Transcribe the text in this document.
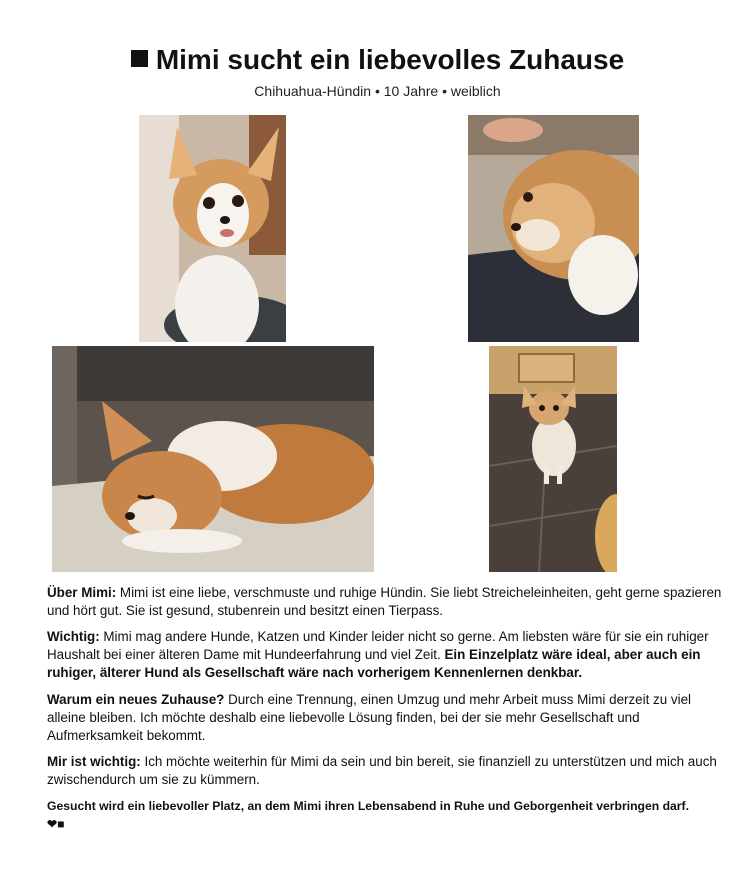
Mimi sucht ein liebevolles Zuhause
Chihuahua-Hündin • 10 Jahre • weiblich
Über Mimi: Mimi ist eine liebe, verschmuste und ruhige Hündin. Sie liebt Streicheleinheiten, geht gerne spazieren und hört gut. Sie ist gesund, stubenrein und besitzt einen Tierpass.
Wichtig: Mimi mag andere Hunde, Katzen und Kinder leider nicht so gerne. Am liebsten wäre für sie ein ruhiger Haushalt bei einer älteren Dame mit Hundeerfahrung und viel Zeit. Ein Einzelplatz wäre ideal, aber auch ein ruhiger, älterer Hund als Gesellschaft wäre nach vorherigem Kennenlernen denkbar.
Warum ein neues Zuhause? Durch eine Trennung, einen Umzug und mehr Arbeit muss Mimi derzeit zu viel alleine bleiben. Ich möchte deshalb eine liebevolle Lösung finden, bei der sie mehr Gesellschaft und Aufmerksamkeit bekommt.
Mir ist wichtig: Ich möchte weiterhin für Mimi da sein und bin bereit, sie finanziell zu unterstützen und mich auch zwischendurch um sie zu kümmern.
Gesucht wird ein liebevoller Platz, an dem Mimi ihren Lebensabend in Ruhe und Geborgenheit verbringen darf.
❤■
